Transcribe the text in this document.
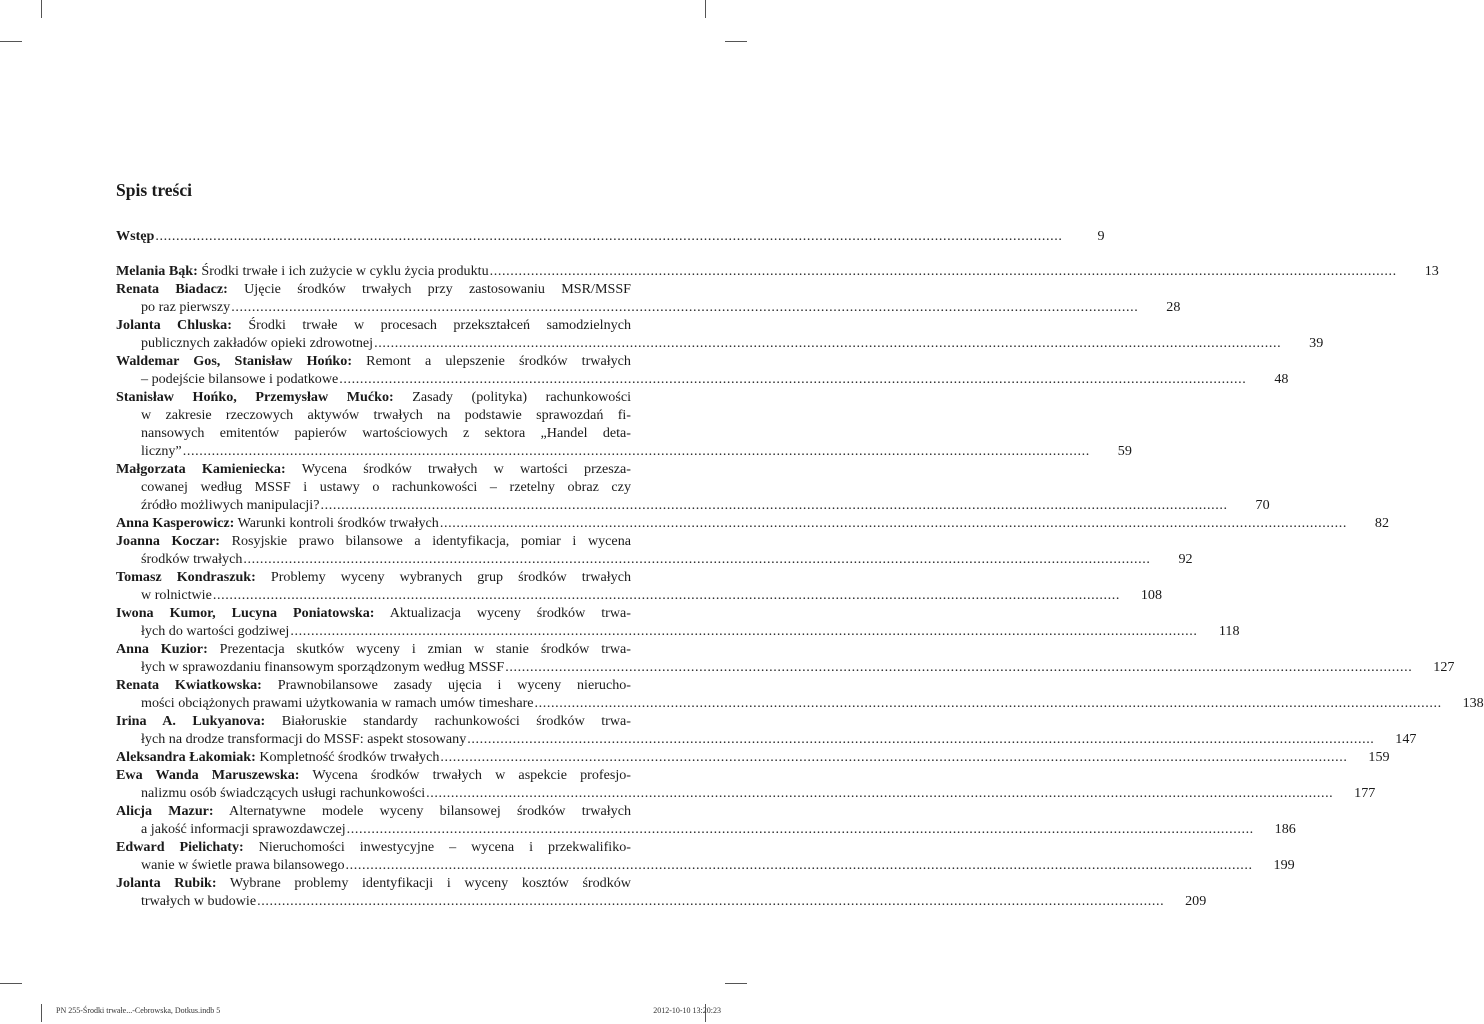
Spis treści
Wstęp ............................................................................................................................................................................................................................	9
Melania Bąk: Środki trwałe i ich zużycie w cyklu życia produktu ............................................................................................................................................................................................................................	13
Renata Biadacz: Ujęcie środków trwałych przy zastosowaniu MSR/MSSF
po raz pierwszy ............................................................................................................................................................................................................................	28
Jolanta Chluska: Środki trwałe w procesach przekształceń samodzielnych
publicznych zakładów opieki zdrowotnej ............................................................................................................................................................................................................................	39
Waldemar Gos, Stanisław Hońko: Remont a ulepszenie środków trwałych
– podejście bilansowe i podatkowe ............................................................................................................................................................................................................................	48
Stanisław Hońko, Przemysław Mućko: Zasady (polityka) rachunkowości
w zakresie rzeczowych aktywów trwałych na podstawie sprawozdań fi-
nansowych emitentów papierów wartościowych z sektora „Handel deta-
liczny” ............................................................................................................................................................................................................................	59
Małgorzata Kamieniecka: Wycena środków trwałych w wartości przesza-
cowanej według MSSF i ustawy o rachunkowości – rzetelny obraz czy
źródło możliwych manipulacji? ............................................................................................................................................................................................................................	70
Anna Kasperowicz: Warunki kontroli środków trwałych ............................................................................................................................................................................................................................	82
Joanna Koczar: Rosyjskie prawo bilansowe a identyfikacja, pomiar i wycena
środków trwałych ............................................................................................................................................................................................................................	92
Tomasz Kondraszuk: Problemy wyceny wybranych grup środków trwałych
w rolnictwie ............................................................................................................................................................................................................................	108
Iwona Kumor, Lucyna Poniatowska: Aktualizacja wyceny środków trwa-
łych do wartości godziwej ............................................................................................................................................................................................................................	118
Anna Kuzior: Prezentacja skutków wyceny i zmian w stanie środków trwa-
łych w sprawozdaniu finansowym sporządzonym według MSSF ............................................................................................................................................................................................................................	127
Renata Kwiatkowska: Prawnobilansowe zasady ujęcia i wyceny nierucho-
mości obciążonych prawami użytkowania w ramach umów timeshare ............................................................................................................................................................................................................................	138
Irina A. Lukyanova: Białoruskie standardy rachunkowości środków trwa-
łych na drodze transformacji do MSSF: aspekt stosowany ............................................................................................................................................................................................................................	147
Aleksandra Łakomiak: Kompletność środków trwałych ............................................................................................................................................................................................................................	159
Ewa Wanda Maruszewska: Wycena środków trwałych w aspekcie profesjo-
nalizmu osób świadczących usługi rachunkowości ............................................................................................................................................................................................................................	177
Alicja Mazur: Alternatywne modele wyceny bilansowej środków trwałych
a jakość informacji sprawozdawczej ............................................................................................................................................................................................................................	186
Edward Pielichaty: Nieruchomości inwestycyjne – wycena i przekwalifiko-
wanie w świetle prawa bilansowego ............................................................................................................................................................................................................................	199
Jolanta Rubik: Wybrane problemy identyfikacji i wyceny kosztów środków
trwałych w budowie ............................................................................................................................................................................................................................	209
PN 255-Środki trwałe...-Cebrowska, Dotkus.indb 5	2012-10-10 13:20:23
